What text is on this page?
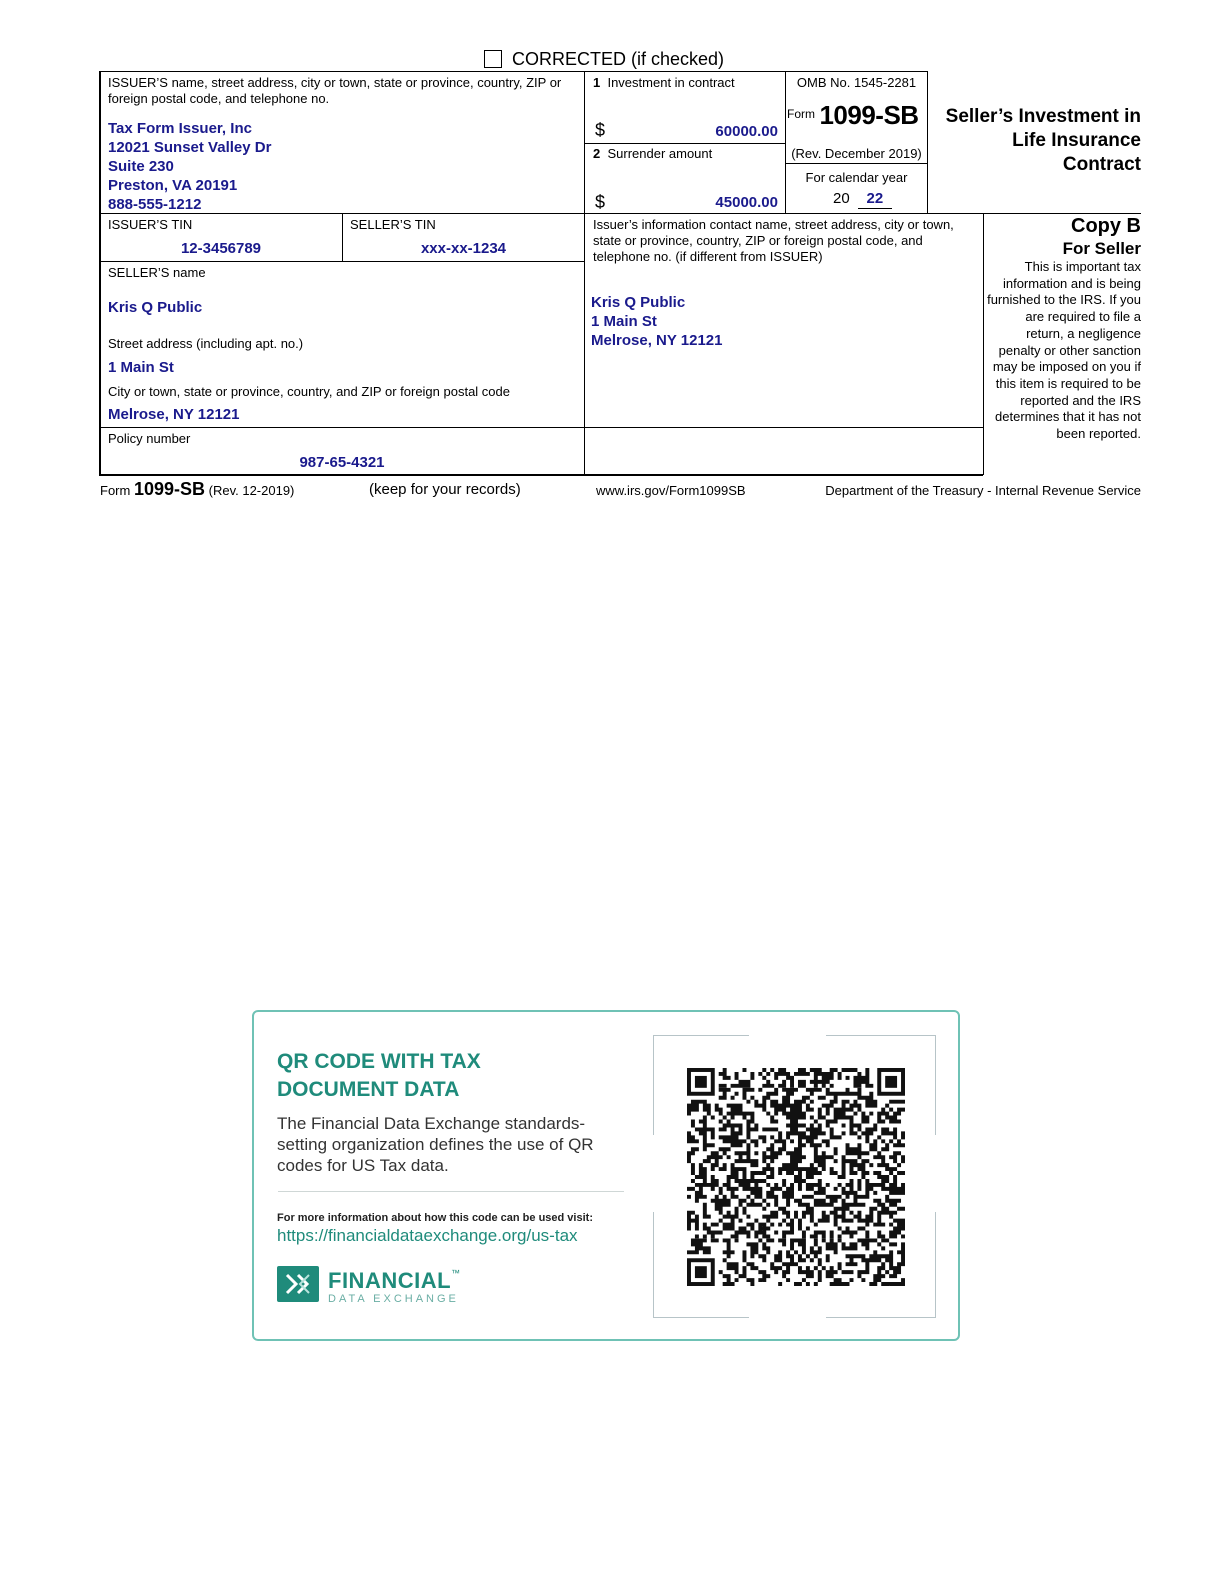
CORRECTED (if checked)
ISSUER’S name, street address, city or town, state or province, country, ZIP or foreign postal code, and telephone no.
Tax Form Issuer, Inc
12021 Sunset Valley Dr
Suite 230
Preston, VA 20191
888-555-1212
1 Investment in contract
$	60000.00
2 Surrender amount
$	45000.00
OMB No. 1545-2281
$^{Form}$ 1099-SB
(Rev. December 2019)
For calendar year
20 22
Seller’s Investment in Life Insurance Contract
ISSUER’S TIN
12-3456789
SELLER’S TIN
xxx-xx-1234
SELLER’S name
Kris Q Public
Street address (including apt. no.)
1 Main St
City or town, state or province, country, and ZIP or foreign postal code
Melrose, NY 12121
Policy number
987-65-4321
Issuer’s information contact name, street address, city or town, state or province, country, ZIP or foreign postal code, and telephone no. (if different from ISSUER)
Kris Q Public
1 Main St
Melrose, NY 12121
Copy B
For Seller
This is important tax information and is being furnished to the IRS. If you are required to file a return, a negligence penalty or other sanction may be imposed on you if this item is required to be reported and the IRS determines that it has not been reported.
Form 1099-SB (Rev. 12-2019)	(keep for your records)	www.irs.gov/Form1099SB	Department of the Treasury - Internal Revenue Service
QR CODE WITH TAX
DOCUMENT DATA
The Financial Data Exchange standards-setting organization defines the use of QR codes for US Tax data.
For more information about how this code can be used visit:
https://financialdataexchange.org/us-tax
FINANCIAL™
DATA EXCHANGE
